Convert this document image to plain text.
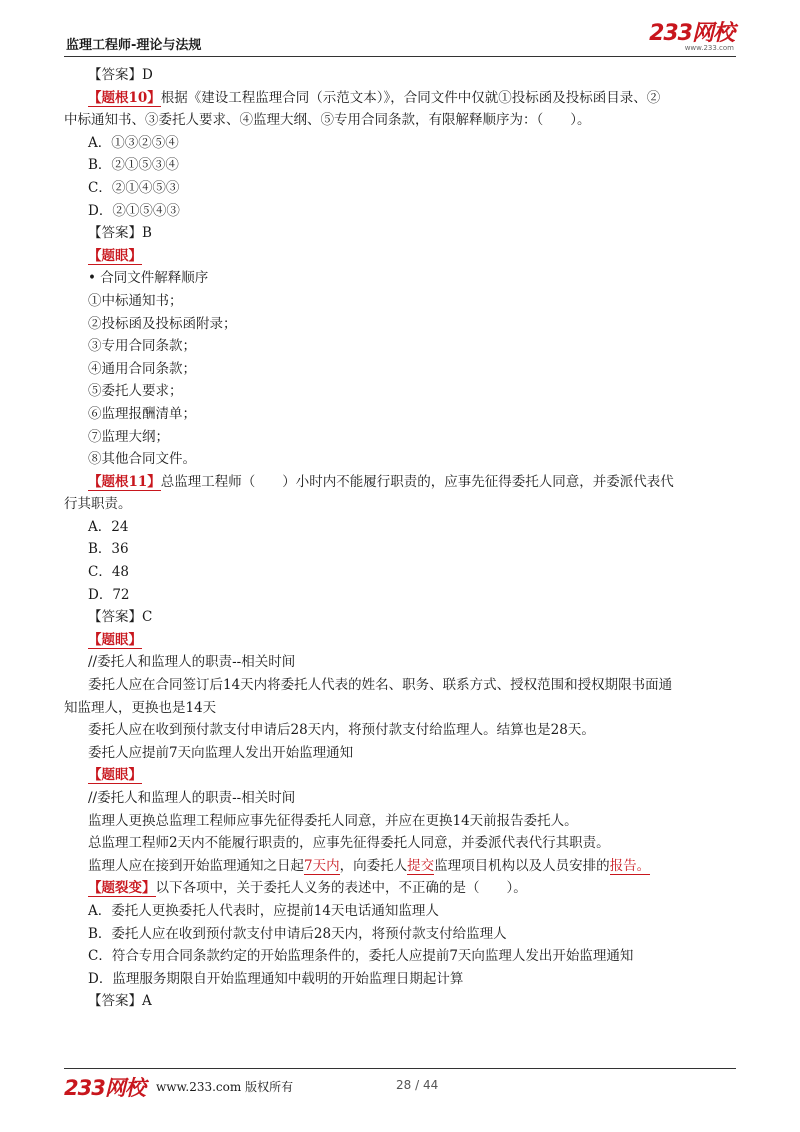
监理工程师-理论与法规	233网校
www.233.com
【答案】D
【题根10】根据《建设工程监理合同（示范文本）》，合同文件中仅就①投标函及投标函目录、②
中标通知书、③委托人要求、④监理大纲、⑤专用合同条款，有限解释顺序为：（　　）。
A．①③②⑤④
B．②①⑤③④
C．②①④⑤③
D．②①⑤④③
【答案】B
【题眼】
• 合同文件解释顺序
①中标通知书；
②投标函及投标函附录；
③专用合同条款；
④通用合同条款；
⑤委托人要求；
⑥监理报酬清单；
⑦监理大纲；
⑧其他合同文件。
【题根11】总监理工程师（　　）小时内不能履行职责的，应事先征得委托人同意，并委派代表代
行其职责。
A．24
B．36
C．48
D．72
【答案】C
【题眼】
//委托人和监理人的职责--相关时间
委托人应在合同签订后14天内将委托人代表的姓名、职务、联系方式、授权范围和授权期限书面通
知监理人，更换也是14天
委托人应在收到预付款支付申请后28天内，将预付款支付给监理人。结算也是28天。
委托人应提前7天向监理人发出开始监理通知
【题眼】
//委托人和监理人的职责--相关时间
监理人更换总监理工程师应事先征得委托人同意，并应在更换14天前报告委托人。
总监理工程师2天内不能履行职责的，应事先征得委托人同意，并委派代表代行其职责。
监理人应在接到开始监理通知之日起7天内，向委托人提交监理项目机构以及人员安排的报告。
【题裂变】以下各项中，关于委托人义务的表述中，不正确的是（　　）。
A．委托人更换委托人代表时，应提前14天电话通知监理人
B．委托人应在收到预付款支付申请后28天内，将预付款支付给监理人
C．符合专用合同条款约定的开始监理条件的，委托人应提前7天向监理人发出开始监理通知
D．监理服务期限自开始监理通知中载明的开始监理日期起计算
【答案】A
233网校 www.233.com 版权所有	28 / 44
